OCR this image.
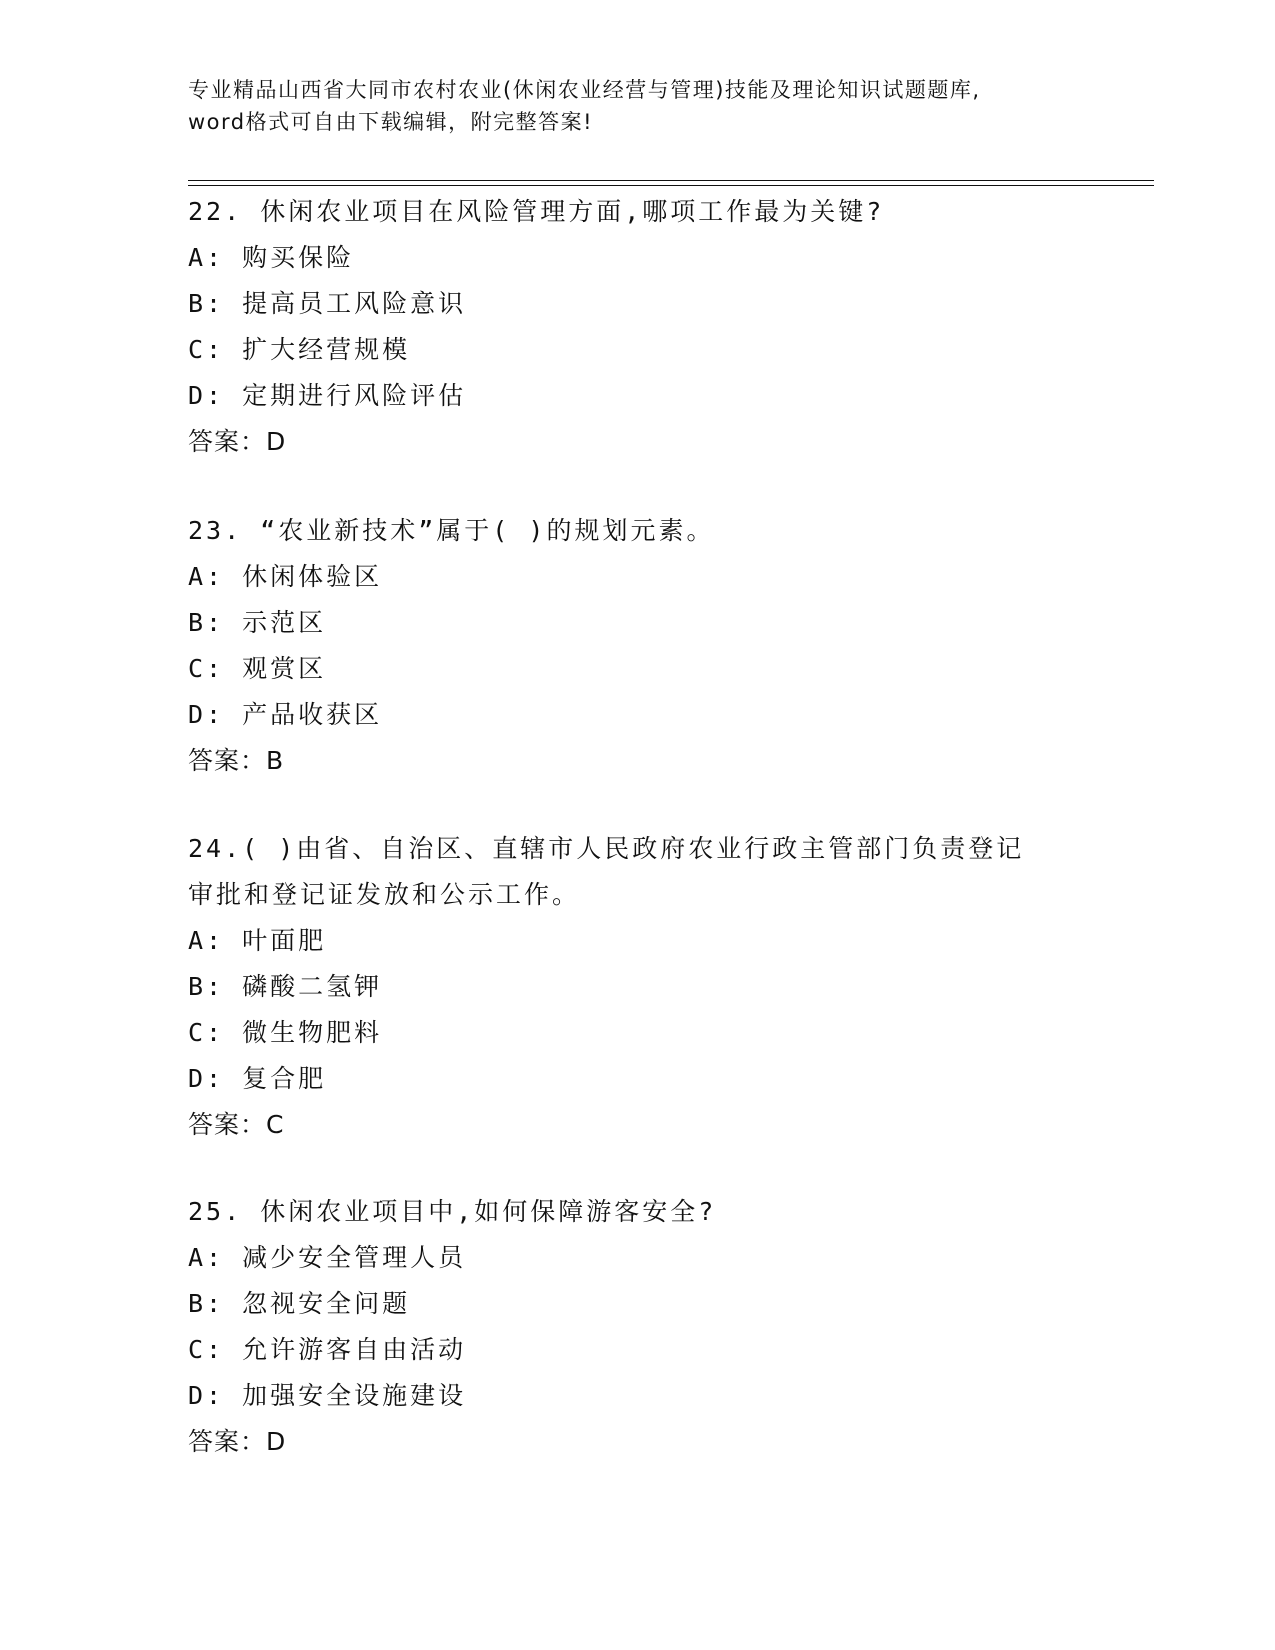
专业精品山西省大同市农村农业(休闲农业经营与管理)技能及理论知识试题题库,
word格式可自由下载编辑，附完整答案!
22. 休闲农业项目在风险管理方面,哪项工作最为关键?
A: 购买保险
B: 提高员工风险意识
C: 扩大经营规模
D: 定期进行风险评估
答案：D
23. “农业新技术”属于( )的规划元素。
A: 休闲体验区
B: 示范区
C: 观赏区
D: 产品收获区
答案：B
24.( )由省、自治区、直辖市人民政府农业行政主管部门负责登记
审批和登记证发放和公示工作。
A: 叶面肥
B: 磷酸二氢钾
C: 微生物肥料
D: 复合肥
答案：C
25. 休闲农业项目中,如何保障游客安全?
A: 减少安全管理人员
B: 忽视安全问题
C: 允许游客自由活动
D: 加强安全设施建设
答案：D
